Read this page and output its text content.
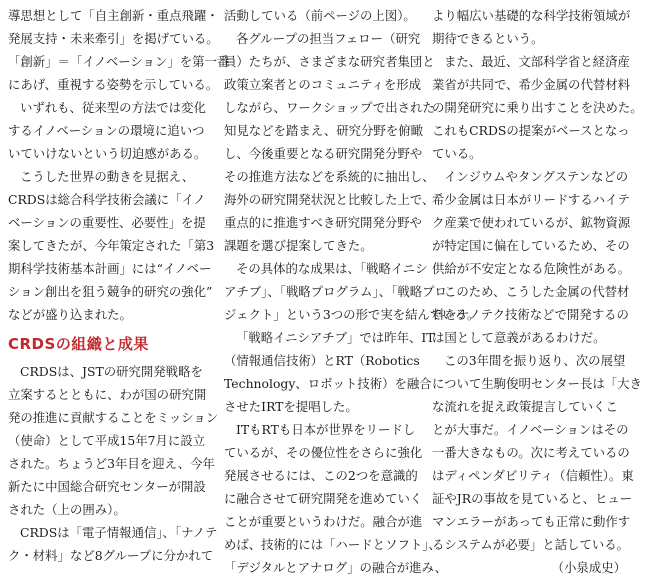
導思想として「自主創新・重点飛躍・
発展支持・未来牽引」を掲げている。
「創新」＝「イノベーション」を第一番
にあげ、重視する姿勢を示している。
いずれも、従来型の方法では変化
するイノベーションの環境に追いつ
いていけないという切迫感がある。
こうした世界の動きを見据え、
CRDSは総合科学技術会議に「イノ
ベーションの重要性、必要性」を提
案してきたが、今年策定された「第3
期科学技術基本計画」には“イノベー
ション創出を狙う競争的研究の強化”
などが盛り込まれた。
CRDSの組織と成果
CRDSは、JSTの研究開発戦略を
立案するとともに、わが国の研究開
発の推進に貢献することをミッション
（使命）として平成15年7月に設立
された。ちょうど3年目を迎え、今年
新たに中国総合研究センターが開設
された（上の囲み）。
CRDSは「電子情報通信」、「ナノテ
ク・材料」など8グループに分かれて
活動している（前ページの上図）。
各グループの担当フェロー（研究
員）たちが、さまざまな研究者集団と
政策立案者とのコミュニティを形成
しながら、ワークショップで出された
知見などを踏まえ、研究分野を俯瞰
し、今後重要となる研究開発分野や
その推進方法などを系統的に抽出し、
海外の研究開発状況と比較した上で、
重点的に推進すべき研究開発分野や
課題を選び提案してきた。
その具体的な成果は、「戦略イニシ
アチブ」、「戦略プログラム」、「戦略プロ
ジェクト」という3つの形で実を結んでいる。
「戦略イニシアチブ」では昨年、IT
（情報通信技術）とRT（Robotics
Technology、ロボット技術）を融合
させたIRTを提唱した。
ITもRTも日本が世界をリードし
ているが、その優位性をさらに強化
発展させるには、この2つを意識的
に融合させて研究開発を進めていく
ことが重要というわけだ。融合が進
めば、技術的には「ハードとソフト」、
「デジタルとアナログ」の融合が進み、
より幅広い基礎的な科学技術領域が
期待できるという。
また、最近、文部科学省と経済産
業省が共同で、希少金属の代替材料
の開発研究に乗り出すことを決めた。
これもCRDSの提案がベースとなっ
ている。
インジウムやタングステンなどの
希少金属は日本がリードするハイテ
ク産業で使われているが、鉱物資源
が特定国に偏在しているため、その
供給が不安定となる危険性がある。
このため、こうした金属の代替材
料をナノテク技術などで開発するの
は国として意義があるわけだ。
この3年間を振り返り、次の展望
について生駒俊明センター長は「大き
な流れを捉え政策提言していくこ
とが大事だ。イノベーションはその
一番大きなもの。次に考えているの
はディペンダビリティ（信頼性）。東
証やJRの事故を見ていると、ヒュー
マンエラーがあっても正常に動作す
るシステムが必要」と話している。
（小泉成史）
